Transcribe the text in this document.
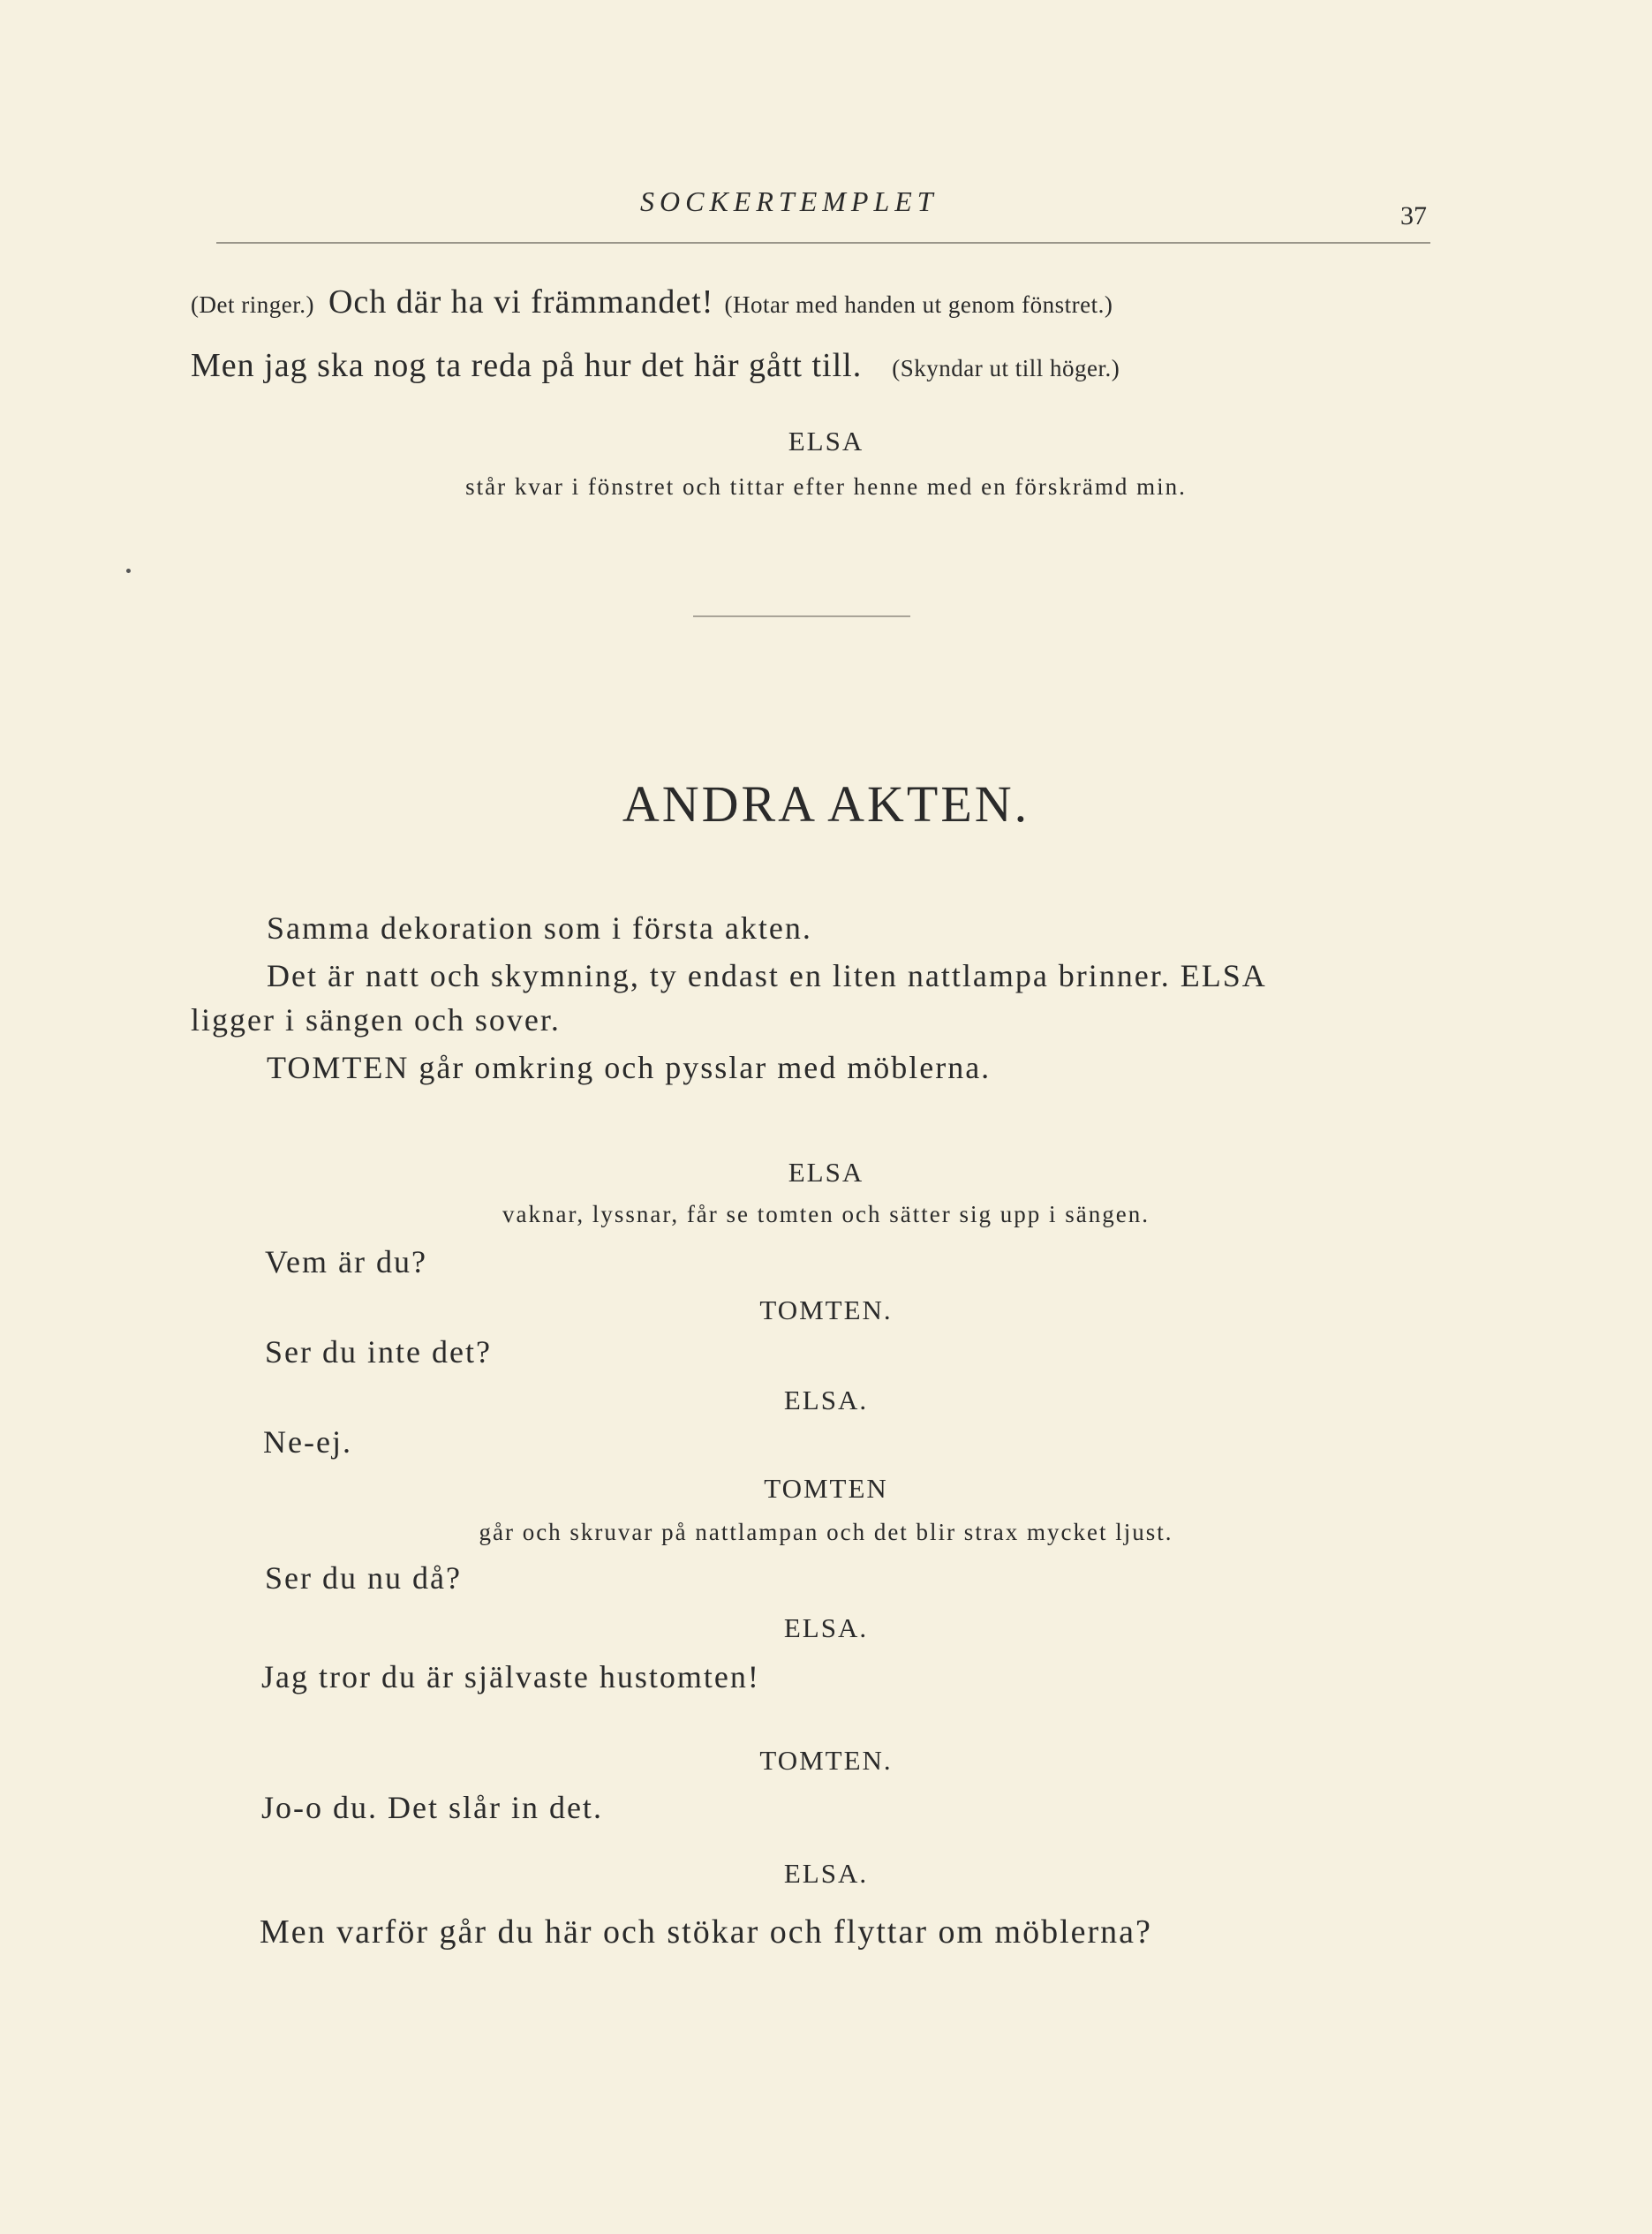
SOCKERTEMPLET	37
(Det ringer.) Och där ha vi främmandet! (Hotar med handen ut genom fönstret.)
Men jag ska nog ta reda på hur det här gått till. (Skyndar ut till höger.)
ELSA
står kvar i fönstret och tittar efter henne med en förskrämd min.
ANDRA AKTEN.
Samma dekoration som i första akten.
Det är natt och skymning, ty endast en liten nattlampa brinner. ELSA
ligger i sängen och sover.
TOMTEN går omkring och pysslar med möblerna.
ELSA
vaknar, lyssnar, får se tomten och sätter sig upp i sängen.
Vem är du?
TOMTEN.
Ser du inte det?
ELSA.
Ne-ej.
TOMTEN
går och skruvar på nattlampan och det blir strax mycket ljust.
Ser du nu då?
ELSA.
Jag tror du är självaste hustomten!
TOMTEN.
Jo-o du. Det slår in det.
ELSA.
Men varför går du här och stökar och flyttar om möblerna?
